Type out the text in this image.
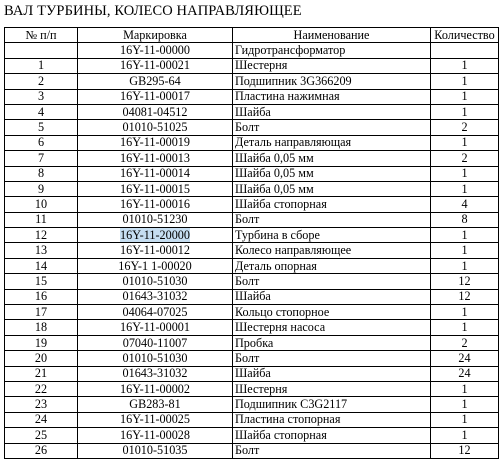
ВАЛ ТУРБИНЫ, КОЛЕСО НАПРАВЛЯЮЩЕЕ
№ п/п	Маркировка	Наименование	Количество
	16Y-11-00000	Гидротрансформатор	
1	16Y-11-00021	Шестерня	1
2	GB295-64	Подшипник 3G366209	1
3	16Y-11-00017	Пластина нажимная	1
4	04081-04512	Шайба	1
5	01010-51025	Болт	2
6	16Y-11-00019	Деталь направляющая	1
7	16Y-11-00013	Шайба 0,05 мм	2
8	16Y-11-00014	Шайба 0,05 мм	1
9	16Y-11-00015	Шайба 0,05 мм	1
10	16Y-11-00016	Шайба стопорная	4
11	01010-51230	Болт	8
12	16Y-11-20000	Турбина в сборе	1
13	16Y-11-00012	Колесо направляющее	1
14	16Y-1 1-00020	Деталь опорная	1
15	01010-51030	Болт	12
16	01643-31032	Шайба	12
17	04064-07025	Кольцо стопорное	1
18	16Y-11-00001	Шестерня насоса	1
19	07040-11007	Пробка	2
20	01010-51030	Болт	24
21	01643-31032	Шайба	24
22	16Y-11-00002	Шестерня	1
23	GB283-81	Подшипник C3G2117	1
24	16Y-11-00025	Пластина стопорная	1
25	16Y-11-00028	Шайба стопорная	1
26	01010-51035	Болт	12
